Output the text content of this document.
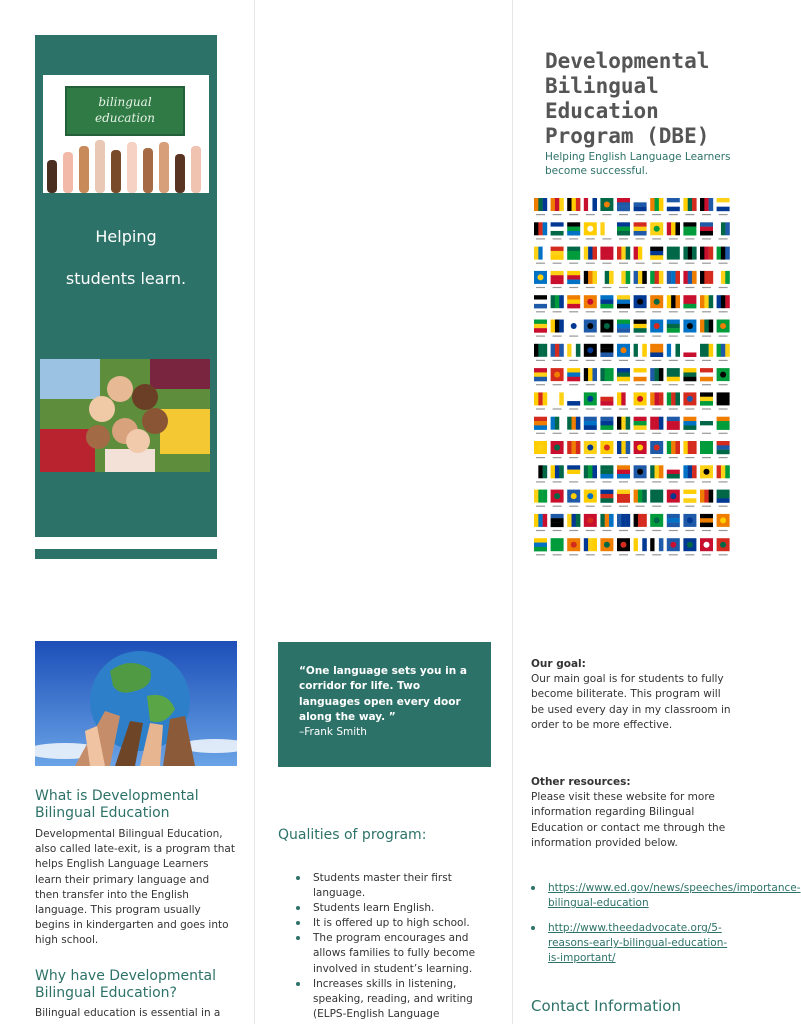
bilingual
education
Helping
students learn.
Developmental
Bilingual
Education
Program (DBE)
Helping English Language Learners become successful.
What is Developmental Bilingual Education
Developmental Bilingual Education, also called late-exit, is a program that helps English Language Learners learn their primary language and then transfer into the English language. This program usually begins in kindergarten and goes into high school.
Why have Developmental Bilingual Education?
Bilingual education is essential in a
“One language sets you in a corridor for life. Two languages open every door along the way. ”
–Frank Smith
Qualities of program:
Students master their first language.
Students learn English.
It is offered up to high school.
The program encourages and allows families to fully become involved in student’s learning.
Increases skills in listening, speaking, reading, and writing (ELPS-English Language
Our goal:
Our main goal is for students to fully become biliterate. This program will be used every day in my classroom in order to be more effective.
Other resources:
Please visit these website for more information regarding Bilingual Education or contact me through the information provided below.
https://www.ed.gov/news/speeches/importance-bilingual-education
http://www.theedadvocate.org/5-reasons-early-bilingual-education-is-important/
Contact Information
